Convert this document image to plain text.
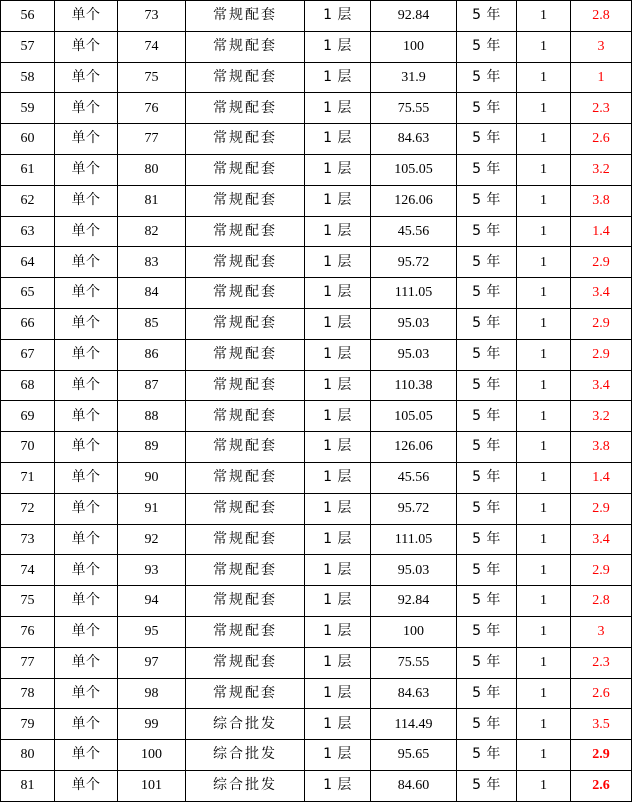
56	单个	73	常规配套	1 层	92.84	5 年	1	2.8
57	单个	74	常规配套	1 层	100	5 年	1	3
58	单个	75	常规配套	1 层	31.9	5 年	1	1
59	单个	76	常规配套	1 层	75.55	5 年	1	2.3
60	单个	77	常规配套	1 层	84.63	5 年	1	2.6
61	单个	80	常规配套	1 层	105.05	5 年	1	3.2
62	单个	81	常规配套	1 层	126.06	5 年	1	3.8
63	单个	82	常规配套	1 层	45.56	5 年	1	1.4
64	单个	83	常规配套	1 层	95.72	5 年	1	2.9
65	单个	84	常规配套	1 层	111.05	5 年	1	3.4
66	单个	85	常规配套	1 层	95.03	5 年	1	2.9
67	单个	86	常规配套	1 层	95.03	5 年	1	2.9
68	单个	87	常规配套	1 层	110.38	5 年	1	3.4
69	单个	88	常规配套	1 层	105.05	5 年	1	3.2
70	单个	89	常规配套	1 层	126.06	5 年	1	3.8
71	单个	90	常规配套	1 层	45.56	5 年	1	1.4
72	单个	91	常规配套	1 层	95.72	5 年	1	2.9
73	单个	92	常规配套	1 层	111.05	5 年	1	3.4
74	单个	93	常规配套	1 层	95.03	5 年	1	2.9
75	单个	94	常规配套	1 层	92.84	5 年	1	2.8
76	单个	95	常规配套	1 层	100	5 年	1	3
77	单个	97	常规配套	1 层	75.55	5 年	1	2.3
78	单个	98	常规配套	1 层	84.63	5 年	1	2.6
79	单个	99	综合批发	1 层	114.49	5 年	1	3.5
80	单个	100	综合批发	1 层	95.65	5 年	1	2.9
81	单个	101	综合批发	1 层	84.60	5 年	1	2.6
